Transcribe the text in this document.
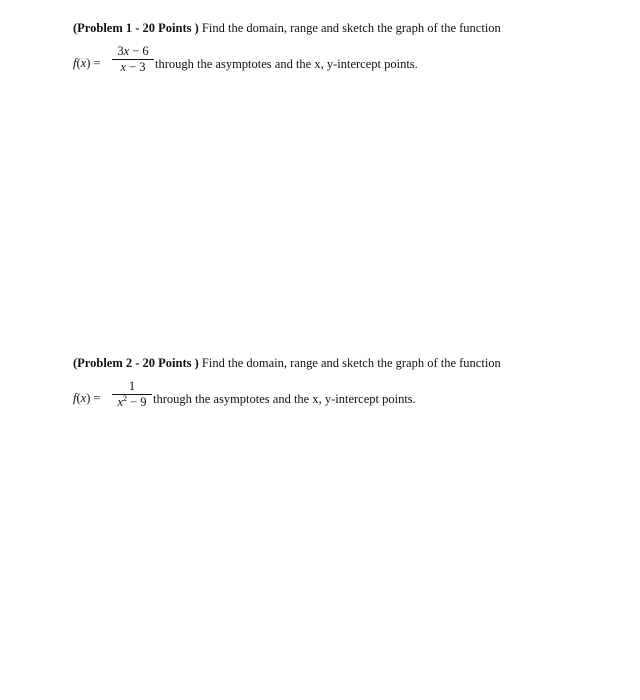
(Problem 1 - 20 Points ) Find the domain, range and sketch the graph of the function
$f(x) = \frac{3x - 6}{x - 3}$ through the asymptotes and the x, y-intercept points.
(Problem 2 - 20 Points ) Find the domain, range and sketch the graph of the function
$f(x) = \frac{1}{x^2 - 9}$ through the asymptotes and the x, y-intercept points.
